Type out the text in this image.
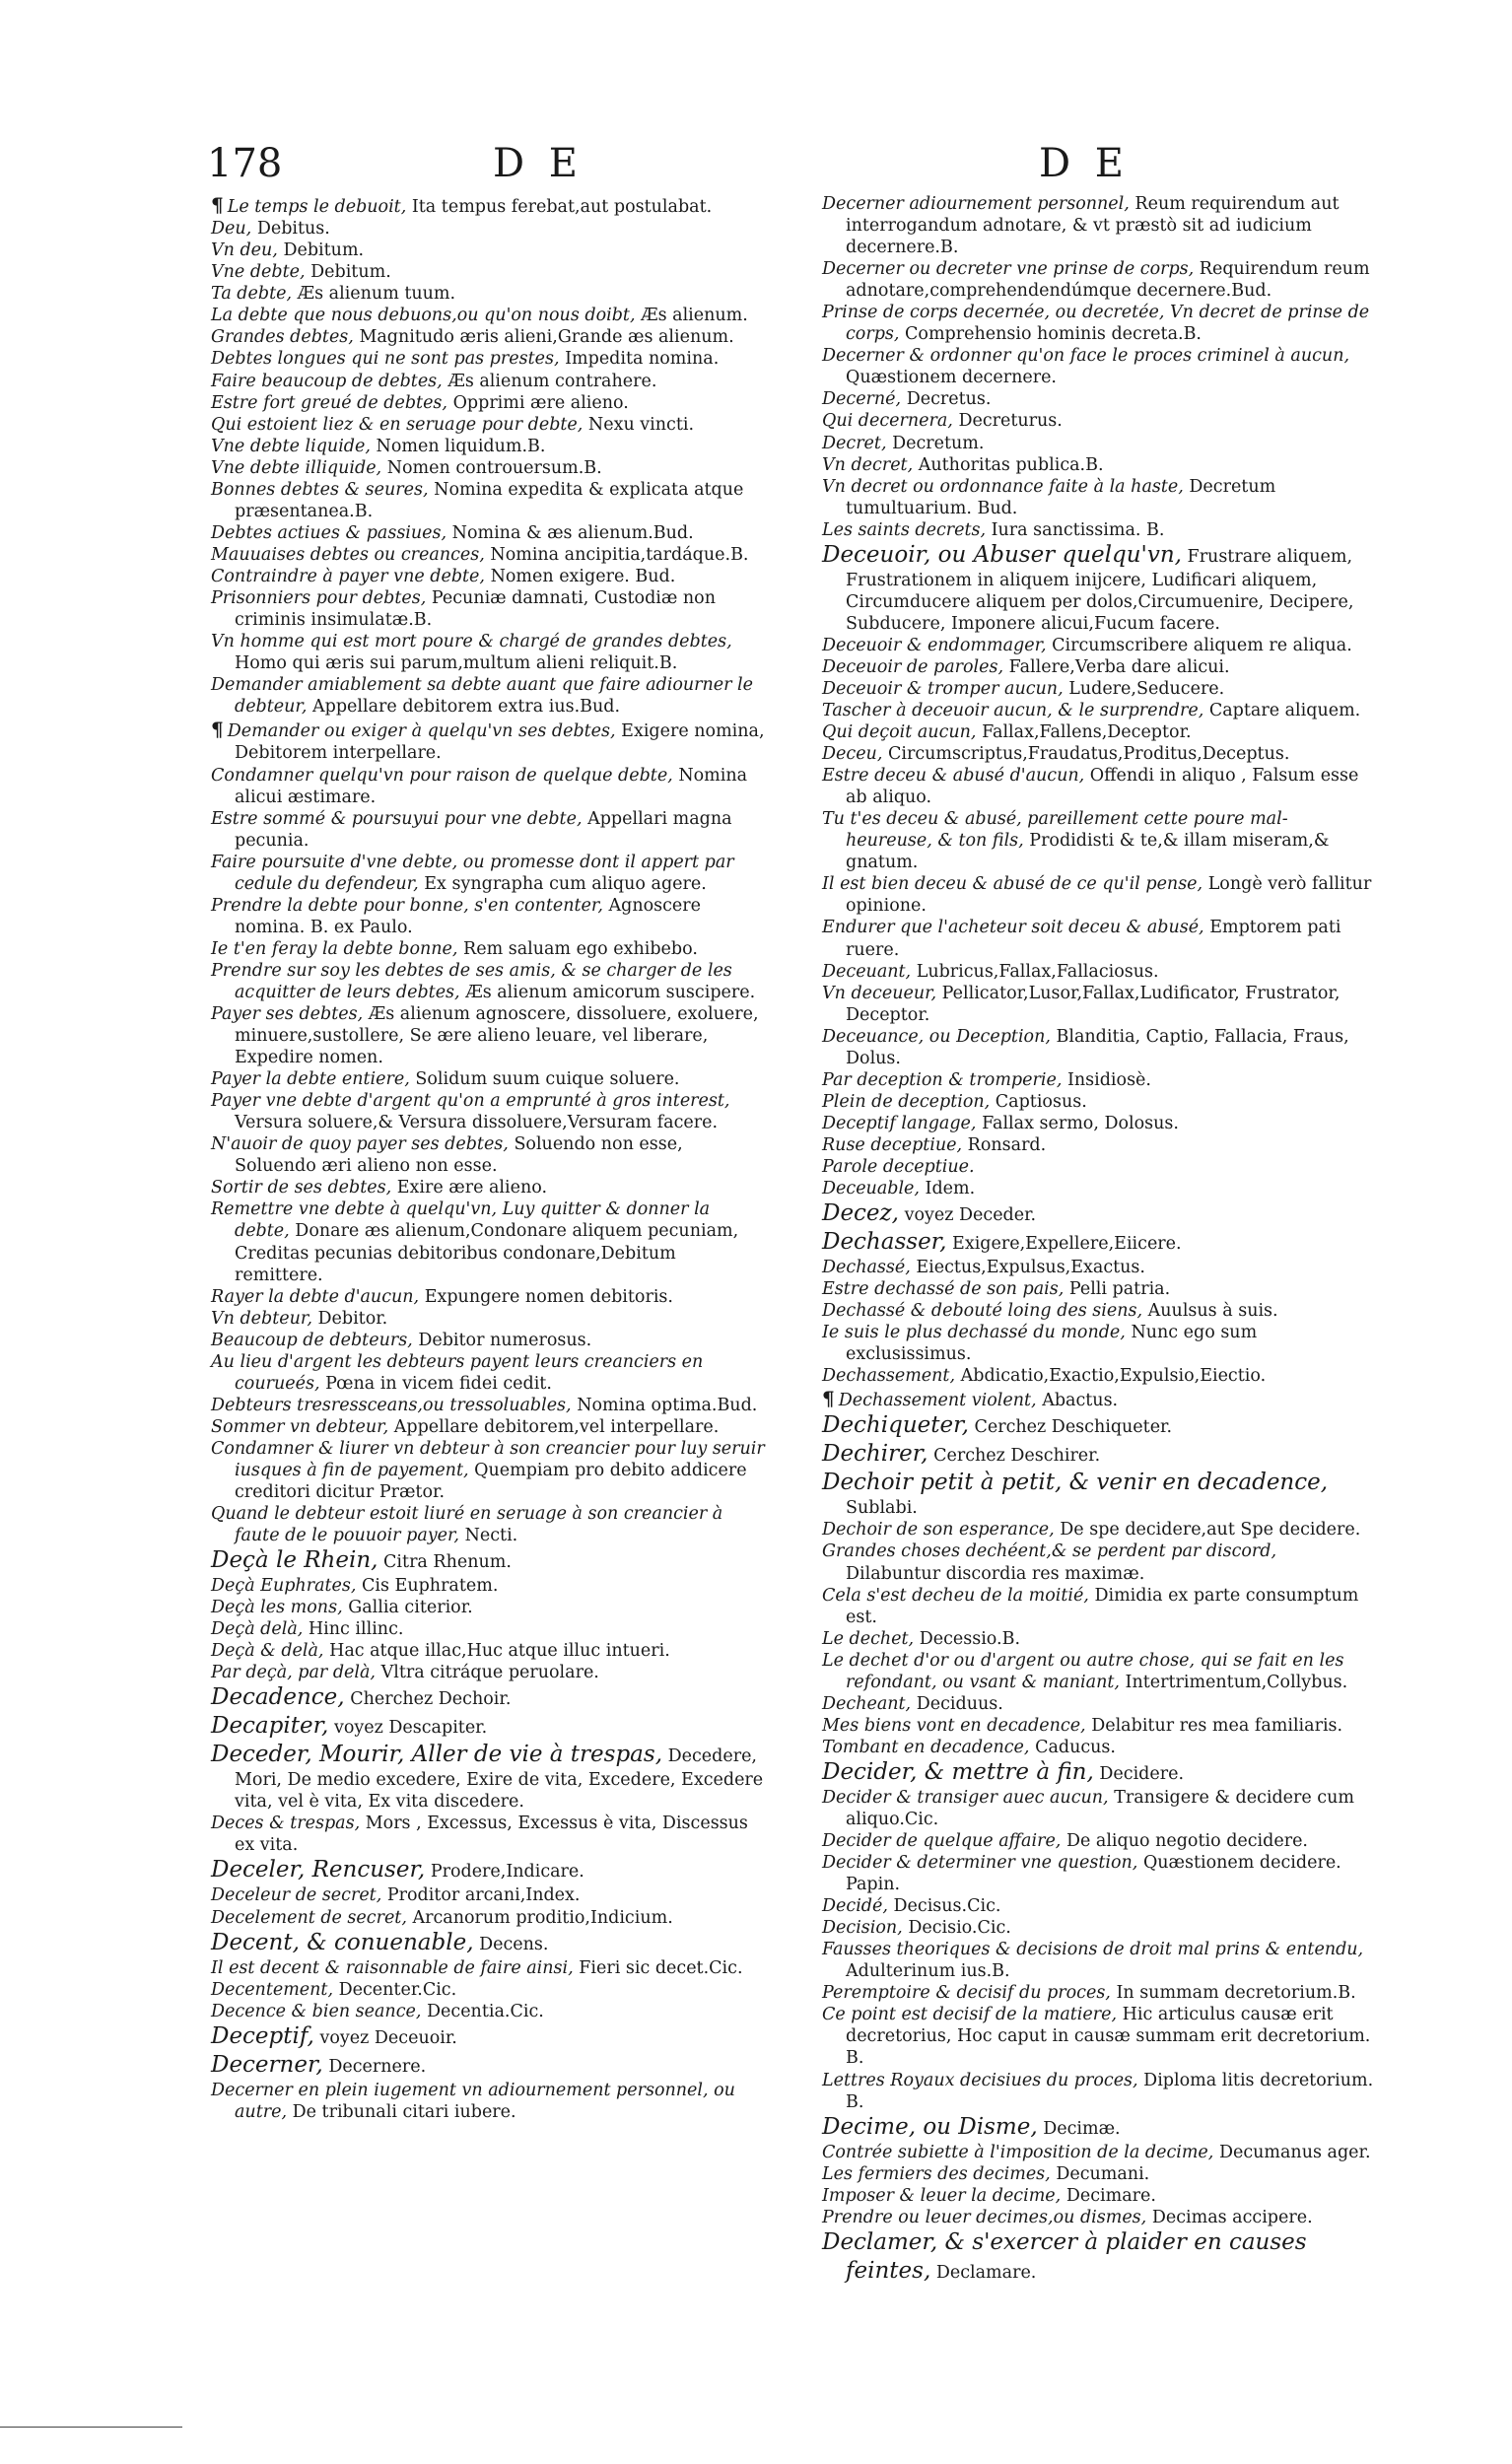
178	D E	D E

¶ Le temps le debuoit, Ita tempus ferebat,aut postulabat.

Deu, Debitus.

Vn deu, Debitum.

Vne debte, Debitum.

Ta debte, Æs alienum tuum.

La debte que nous debuons,ou qu'on nous doibt, Æs alienum.

Grandes debtes, Magnitudo æris alieni,Grande æs alienum.

Debtes longues qui ne sont pas prestes, Impedita nomina.

Faire beaucoup de debtes, Æs alienum contrahere.

Estre fort greué de debtes, Opprimi ære alieno.

Qui estoient liez & en seruage pour debte, Nexu vincti.

Vne debte liquide, Nomen liquidum.B.

Vne debte illiquide, Nomen controuersum.B.

Bonnes debtes & seures, Nomina expedita & explicata atque præsentanea.B.

Debtes actiues & passiues, Nomina & æs alienum.Bud.

Mauuaises debtes ou creances, Nomina ancipitia,tardáque.B.

Contraindre à payer vne debte, Nomen exigere. Bud.

Prisonniers pour debtes, Pecuniæ damnati, Custodiæ non criminis insimulatæ.B.

Vn homme qui est mort poure & chargé de grandes debtes, Homo qui æris sui parum,multum alieni reliquit.B.

Demander amiablement sa debte auant que faire adiourner le debteur, Appellare debitorem extra ius.Bud.

¶ Demander ou exiger à quelqu'vn ses debtes, Exigere nomina, Debitorem interpellare.

Condamner quelqu'vn pour raison de quelque debte, Nomina alicui æstimare.

Estre sommé & poursuyui pour vne debte, Appellari magna pecunia.

Faire poursuite d'vne debte, ou promesse dont il appert par cedule du defendeur, Ex syngrapha cum aliquo agere.

Prendre la debte pour bonne, s'en contenter, Agnoscere nomina. B. ex Paulo.

Ie t'en feray la debte bonne, Rem saluam ego exhibebo.

Prendre sur soy les debtes de ses amis, & se charger de les acquitter de leurs debtes, Æs alienum amicorum suscipere.

Payer ses debtes, Æs alienum agnoscere, dissoluere, exoluere, minuere,sustollere, Se ære alieno leuare, vel liberare, Expedire nomen.

Payer la debte entiere, Solidum suum cuique soluere.

Payer vne debte d'argent qu'on a emprunté à gros interest, Versura soluere,& Versura dissoluere,Versuram facere.

N'auoir de quoy payer ses debtes, Soluendo non esse, Soluendo æri alieno non esse.

Sortir de ses debtes, Exire ære alieno.

Remettre vne debte à quelqu'vn, Luy quitter & donner la debte, Donare æs alienum,Condonare aliquem pecuniam, Creditas pecunias debitoribus condonare,Debitum remittere.

Rayer la debte d'aucun, Expungere nomen debitoris.

Vn debteur, Debitor.

Beaucoup de debteurs, Debitor numerosus.

Au lieu d'argent les debteurs payent leurs creanciers en courueés, Pœna in vicem fidei cedit.

Debteurs tresressceans,ou tressoluables, Nomina optima.Bud.

Sommer vn debteur, Appellare debitorem,vel interpellare.

Condamner & liurer vn debteur à son creancier pour luy seruir iusques à fin de payement, Quempiam pro debito addicere creditori dicitur Prætor.

Quand le debteur estoit liuré en seruage à son creancier à faute de le pouuoir payer, Necti.

Deçà le Rhein, Citra Rhenum.

Deçà Euphrates, Cis Euphratem.

Deçà les mons, Gallia citerior.

Deçà delà, Hinc illinc.

Deçà & delà, Hac atque illac,Huc atque illuc intueri.

Par deçà, par delà, Vltra citráque peruolare.

Decadence, Cherchez Dechoir.

Decapiter, voyez Descapiter.

Deceder, Mourir, Aller de vie à trespas, Decedere, Mori, De medio excedere, Exire de vita, Excedere, Excedere vita, vel è vita, Ex vita discedere.

Deces & trespas, Mors , Excessus, Excessus è vita, Discessus ex vita.

Deceler, Rencuser, Prodere,Indicare.

Deceleur de secret, Proditor arcani,Index.

Decelement de secret, Arcanorum proditio,Indicium.

Decent, & conuenable, Decens.

Il est decent & raisonnable de faire ainsi, Fieri sic decet.Cic.

Decentement, Decenter.Cic.

Decence & bien seance, Decentia.Cic.

Deceptif, voyez Deceuoir.

Decerner, Decernere.

Decerner en plein iugement vn adiournement personnel, ou autre, De tribunali citari iubere.

Decerner adiournement personnel, Reum requirendum aut interrogandum adnotare, & vt præstò sit ad iudicium decernere.B.

Decerner ou decreter vne prinse de corps, Requirendum reum adnotare,comprehendendúmque decernere.Bud.

Prinse de corps decernée, ou decretée, Vn decret de prinse de corps, Comprehensio hominis decreta.B.

Decerner & ordonner qu'on face le proces criminel à aucun, Quæstionem decernere.

Decerné, Decretus.

Qui decernera, Decreturus.

Decret, Decretum.

Vn decret, Authoritas publica.B.

Vn decret ou ordonnance faite à la haste, Decretum tumultuarium. Bud.

Les saints decrets, Iura sanctissima. B.

Deceuoir, ou Abuser quelqu'vn, Frustrare aliquem, Frustrationem in aliquem inijcere, Ludificari aliquem, Circumducere aliquem per dolos,Circumuenire, Decipere, Subducere, Imponere alicui,Fucum facere.

Deceuoir & endommager, Circumscribere aliquem re aliqua.

Deceuoir de paroles, Fallere,Verba dare alicui.

Deceuoir & tromper aucun, Ludere,Seducere.

Tascher à deceuoir aucun, & le surprendre, Captare aliquem.

Qui deçoit aucun, Fallax,Fallens,Deceptor.

Deceu, Circumscriptus,Fraudatus,Proditus,Deceptus.

Estre deceu & abusé d'aucun, Offendi in aliquo , Falsum esse ab aliquo.

Tu t'es deceu & abusé, pareillement cette poure mal-heureuse, & ton fils, Prodidisti & te,& illam miseram,& gnatum.

Il est bien deceu & abusé de ce qu'il pense, Longè verò fallitur opinione.

Endurer que l'acheteur soit deceu & abusé, Emptorem pati ruere.

Deceuant, Lubricus,Fallax,Fallaciosus.

Vn deceueur, Pellicator,Lusor,Fallax,Ludificator, Frustrator, Deceptor.

Deceuance, ou Deception, Blanditia, Captio, Fallacia, Fraus, Dolus.

Par deception & tromperie, Insidiosè.

Plein de deception, Captiosus.

Deceptif langage, Fallax sermo, Dolosus.

Ruse deceptiue, Ronsard.

Parole deceptiue.

Deceuable, Idem.

Decez, voyez Deceder.

Dechasser, Exigere,Expellere,Eiicere.

Dechassé, Eiectus,Expulsus,Exactus.

Estre dechassé de son pais, Pelli patria.

Dechassé & debouté loing des siens, Auulsus à suis.

Ie suis le plus dechassé du monde, Nunc ego sum exclusissimus.

Dechassement, Abdicatio,Exactio,Expulsio,Eiectio.

¶ Dechassement violent, Abactus.

Dechiqueter, Cerchez Deschiqueter.

Dechirer, Cerchez Deschirer.

Dechoir petit à petit, & venir en decadence, Sublabi.

Dechoir de son esperance, De spe decidere,aut Spe decidere.

Grandes choses dechéent,& se perdent par discord, Dilabuntur discordia res maximæ.

Cela s'est decheu de la moitié, Dimidia ex parte consumptum est.

Le dechet, Decessio.B.

Le dechet d'or ou d'argent ou autre chose, qui se fait en les refondant, ou vsant & maniant, Intertrimentum,Collybus.

Decheant, Deciduus.

Mes biens vont en decadence, Delabitur res mea familiaris.

Tombant en decadence, Caducus.

Decider, & mettre à fin, Decidere.

Decider & transiger auec aucun, Transigere & decidere cum aliquo.Cic.

Decider de quelque affaire, De aliquo negotio decidere.

Decider & determiner vne question, Quæstionem decidere. Papin.

Decidé, Decisus.Cic.

Decision, Decisio.Cic.

Fausses theoriques & decisions de droit mal prins & entendu, Adulterinum ius.B.

Peremptoire & decisif du proces, In summam decretorium.B.

Ce point est decisif de la matiere, Hic articulus causæ erit decretorius, Hoc caput in causæ summam erit decretorium. B.

Lettres Royaux decisiues du proces, Diploma litis decretorium. B.

Decime, ou Disme, Decimæ.

Contrée subiette à l'imposition de la decime, Decumanus ager.

Les fermiers des decimes, Decumani.

Imposer & leuer la decime, Decimare.

Prendre ou leuer decimes,ou dismes, Decimas accipere.

Declamer, & s'exercer à plaider en causes feintes, Declamare.
